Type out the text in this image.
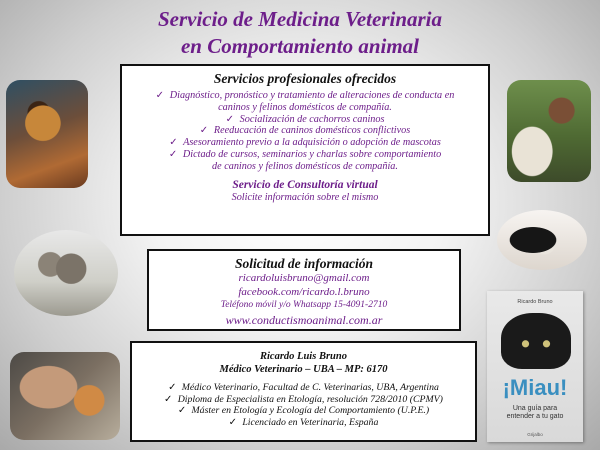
Servicio de Medicina Veterinaria
en Comportamiento animal
Ricardo Bruno
¡Miau!
Una guía para
entender a tu gato
Grijalbo
Servicios profesionales ofrecidos
✓ Diagnóstico, pronóstico y tratamiento de alteraciones de conducta en
caninos y felinos domésticos de compañía.
✓ Socialización de cachorros caninos
✓ Reeducación de caninos domésticos conflictivos
✓ Asesoramiento previo a la adquisición o adopción de mascotas
✓ Dictado de cursos, seminarios y charlas sobre comportamiento
de caninos y felinos domésticos de compañía.
Servicio de Consultoría virtual
Solicite información sobre el mismo
Solicitud de información
ricardoluisbruno@gmail.com
facebook.com/ricardo.l.bruno
Teléfono móvil y/o Whatsapp 15-4091-2710
www.conductismoanimal.com.ar
Ricardo Luis Bruno
Médico Veterinario – UBA – MP: 6170
✓ Médico Veterinario, Facultad de C. Veterinarias, UBA, Argentina
✓ Diploma de Especialista en Etología, resolución 728/2010 (CPMV)
✓ Máster en Etología y Ecología del Comportamiento (U.P.E.)
✓ Licenciado en Veterinaria, España
